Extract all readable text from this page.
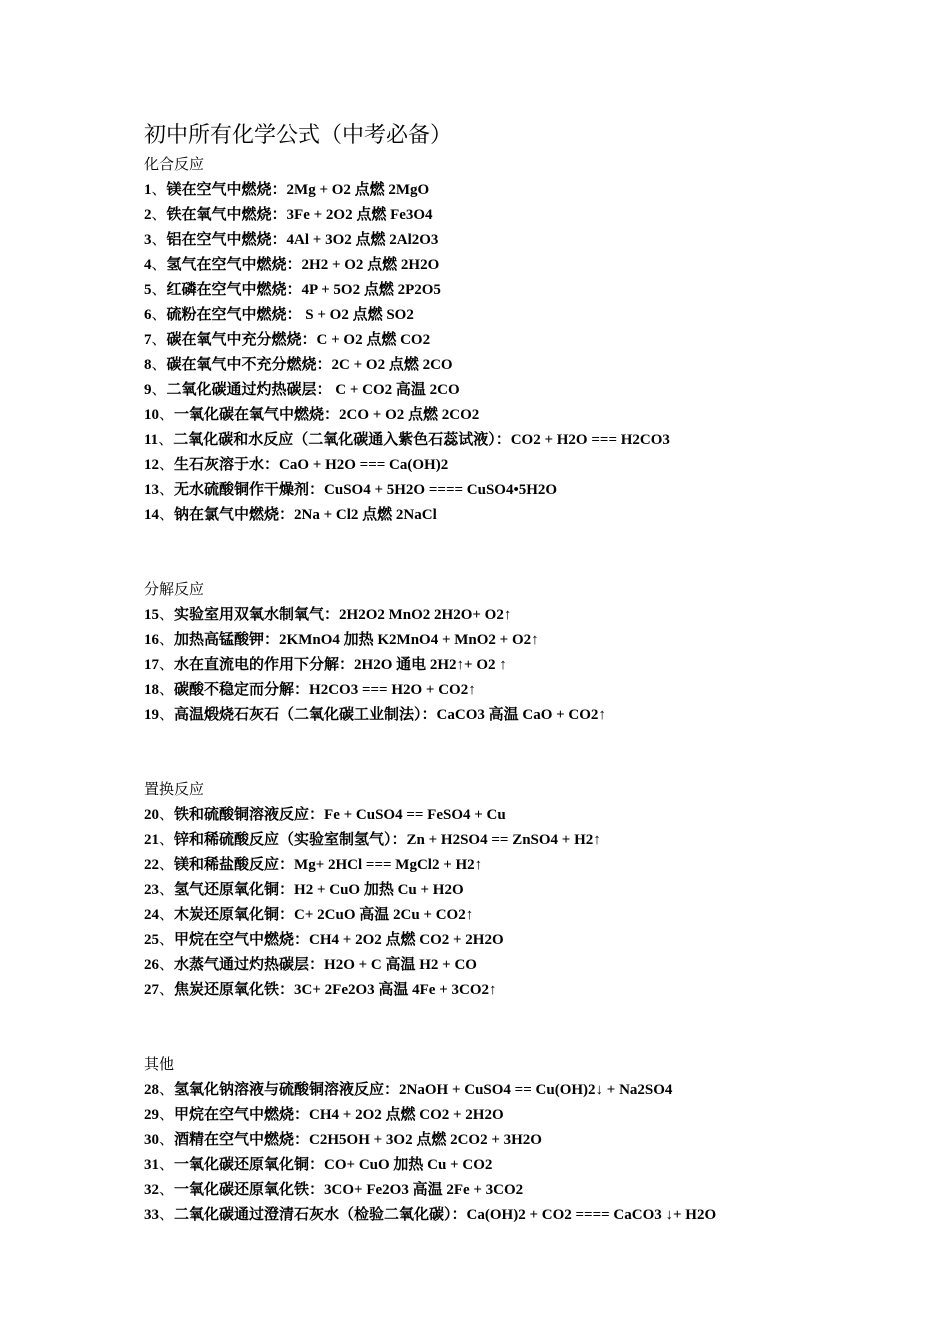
初中所有化学公式（中考必备）
化合反应
1、镁在空气中燃烧：2Mg + O2 点燃 2MgO
2、铁在氧气中燃烧：3Fe + 2O2 点燃 Fe3O4
3、铝在空气中燃烧：4Al + 3O2 点燃 2Al2O3
4、氢气在空气中燃烧：2H2 + O2 点燃 2H2O
5、红磷在空气中燃烧：4P + 5O2 点燃 2P2O5
6、硫粉在空气中燃烧： S + O2 点燃 SO2
7、碳在氧气中充分燃烧：C + O2 点燃 CO2
8、碳在氧气中不充分燃烧：2C + O2 点燃 2CO
9、二氧化碳通过灼热碳层： C + CO2 高温 2CO
10、一氧化碳在氧气中燃烧：2CO + O2 点燃 2CO2
11、二氧化碳和水反应（二氧化碳通入紫色石蕊试液）：CO2 + H2O === H2CO3
12、生石灰溶于水：CaO + H2O === Ca(OH)2
13、无水硫酸铜作干燥剂：CuSO4 + 5H2O ==== CuSO4•5H2O
14、钠在氯气中燃烧：2Na + Cl2 点燃 2NaCl
分解反应
15、实验室用双氧水制氧气：2H2O2 MnO2 2H2O+ O2↑
16、加热高锰酸钾：2KMnO4 加热 K2MnO4 + MnO2 + O2↑
17、水在直流电的作用下分解：2H2O 通电 2H2↑+ O2 ↑
18、碳酸不稳定而分解：H2CO3 === H2O + CO2↑
19、高温煅烧石灰石（二氧化碳工业制法）：CaCO3 高温 CaO + CO2↑
置换反应
20、铁和硫酸铜溶液反应：Fe + CuSO4 == FeSO4 + Cu
21、锌和稀硫酸反应（实验室制氢气）：Zn + H2SO4 == ZnSO4 + H2↑
22、镁和稀盐酸反应：Mg+ 2HCl === MgCl2 + H2↑
23、氢气还原氧化铜：H2 + CuO 加热 Cu + H2O
24、木炭还原氧化铜：C+ 2CuO 高温 2Cu + CO2↑
25、甲烷在空气中燃烧：CH4 + 2O2 点燃 CO2 + 2H2O
26、水蒸气通过灼热碳层：H2O + C 高温 H2 + CO
27、焦炭还原氧化铁：3C+ 2Fe2O3 高温 4Fe + 3CO2↑
其他
28、氢氧化钠溶液与硫酸铜溶液反应：2NaOH + CuSO4 == Cu(OH)2↓ + Na2SO4
29、甲烷在空气中燃烧：CH4 + 2O2 点燃 CO2 + 2H2O
30、酒精在空气中燃烧：C2H5OH + 3O2 点燃 2CO2 + 3H2O
31、一氧化碳还原氧化铜：CO+ CuO 加热 Cu + CO2
32、一氧化碳还原氧化铁：3CO+ Fe2O3 高温 2Fe + 3CO2
33、二氧化碳通过澄清石灰水（检验二氧化碳）：Ca(OH)2 + CO2 ==== CaCO3 ↓+ H2O
